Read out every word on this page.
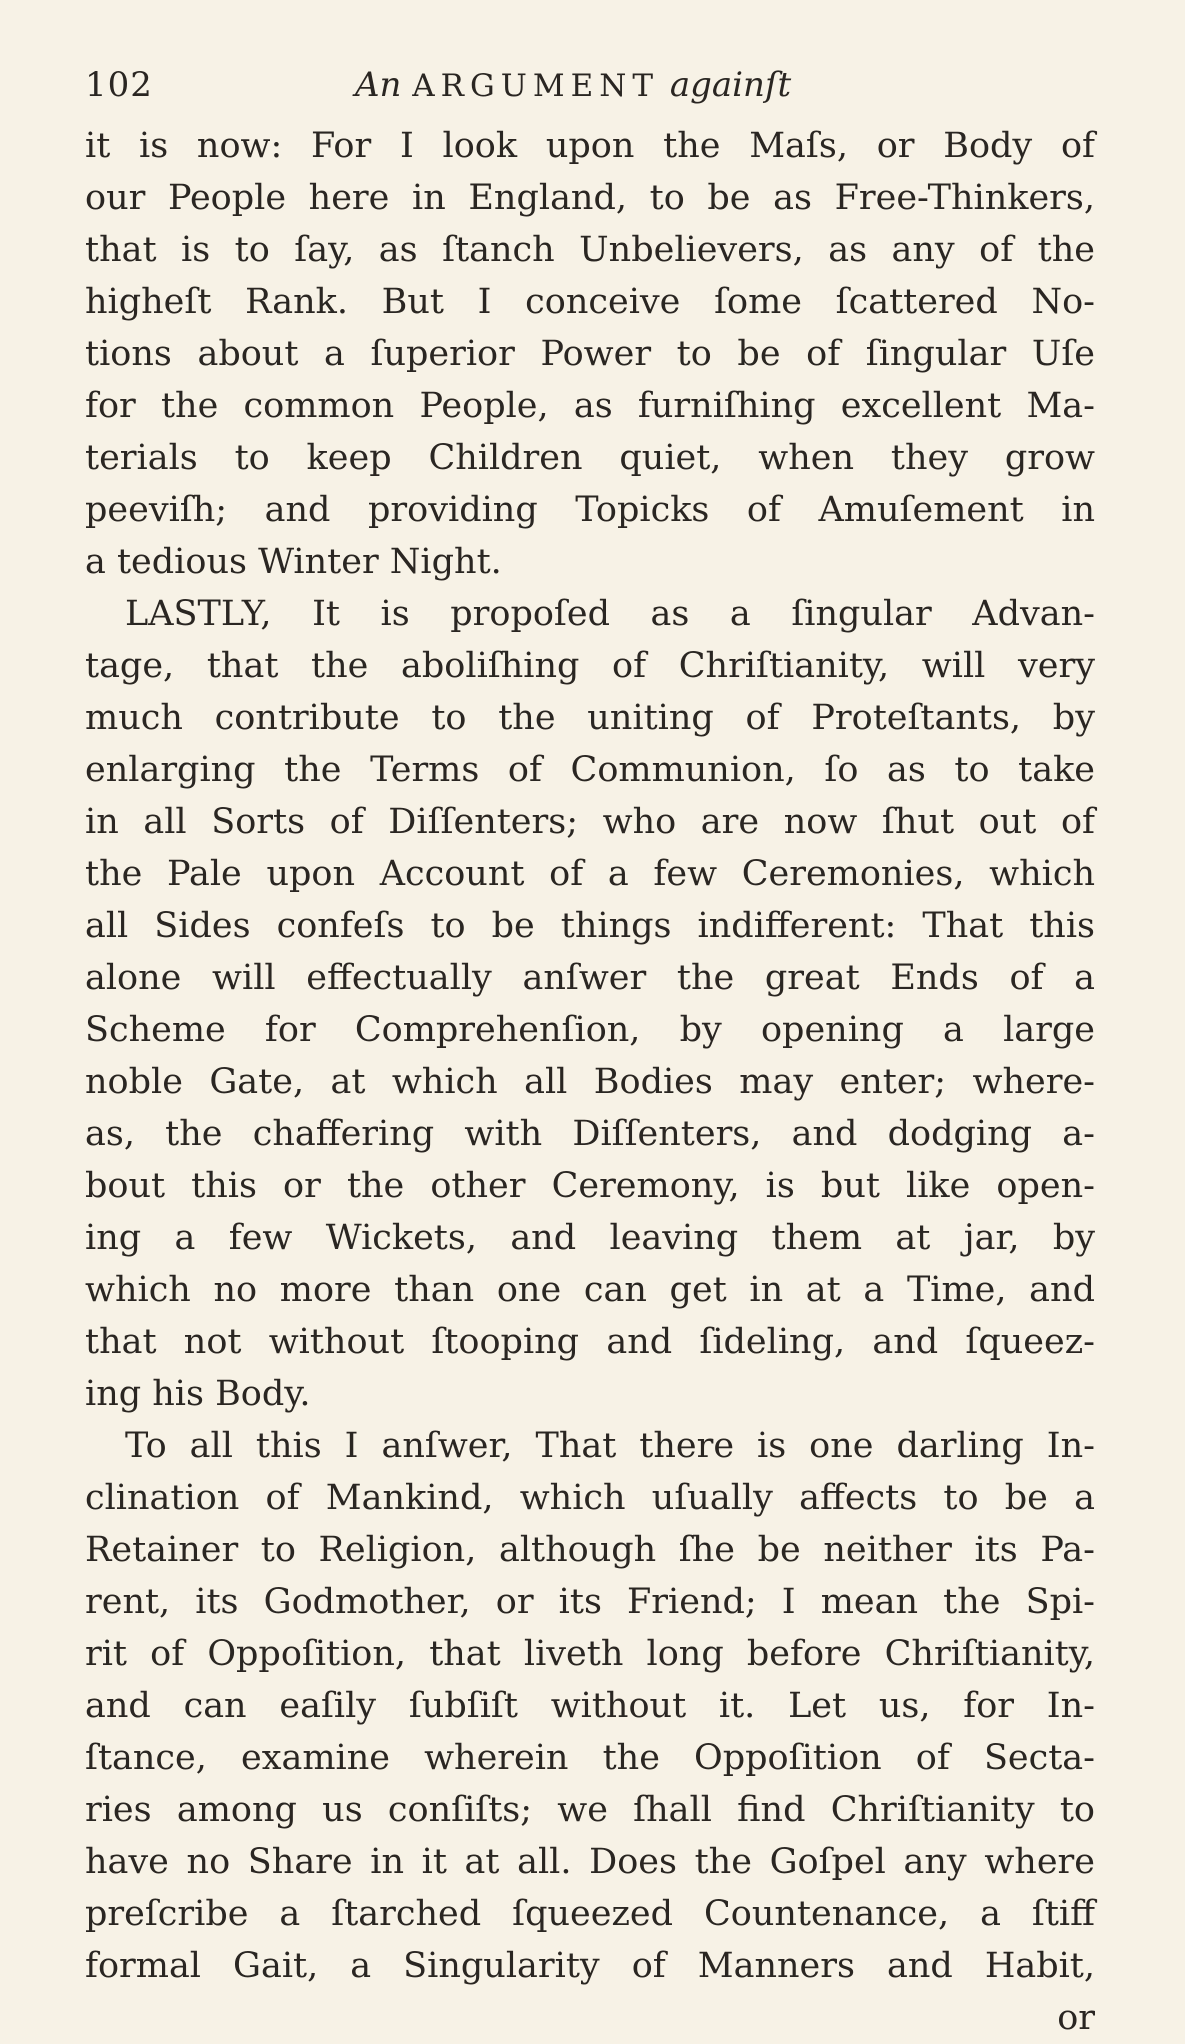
102	An ARGUMENT againſt
it is now: For I look upon the Maſs, or Body of
our People here in England, to be as Free-Thinkers,
that is to ſay, as ſtanch Unbelievers, as any of the
higheſt Rank. But I conceive ſome ſcattered No-
tions about a ſuperior Power to be of ſingular Uſe
for the common People, as furniſhing excellent Ma-
terials to keep Children quiet, when they grow
peeviſh; and providing Topicks of Amuſement in
a tedious Winter Night.
LASTLY, It is propoſed as a ſingular Advan-
tage, that the aboliſhing of Chriſtianity, will very
much contribute to the uniting of Proteſtants, by
enlarging the Terms of Communion, ſo as to take
in all Sorts of Diſſenters; who are now ſhut out of
the Pale upon Account of a few Ceremonies, which
all Sides confeſs to be things indifferent: That this
alone will effectually anſwer the great Ends of a
Scheme for Comprehenſion, by opening a large
noble Gate, at which all Bodies may enter; where-
as, the chaffering with Diſſenters, and dodging a-
bout this or the other Ceremony, is but like open-
ing a few Wickets, and leaving them at jar, by
which no more than one can get in at a Time, and
that not without ſtooping and ſideling, and ſqueez-
ing his Body.
To all this I anſwer, That there is one darling In-
clination of Mankind, which uſually affects to be a
Retainer to Religion, although ſhe be neither its Pa-
rent, its Godmother, or its Friend; I mean the Spi-
rit of Oppoſition, that liveth long before Chriſtianity,
and can eaſily ſubſiſt without it. Let us, for In-
ſtance, examine wherein the Oppoſition of Secta-
ries among us conſiſts; we ſhall find Chriſtianity to
have no Share in it at all. Does the Goſpel any where
preſcribe a ſtarched ſqueezed Countenance, a ſtiff
formal Gait, a Singularity of Manners and Habit,
or
